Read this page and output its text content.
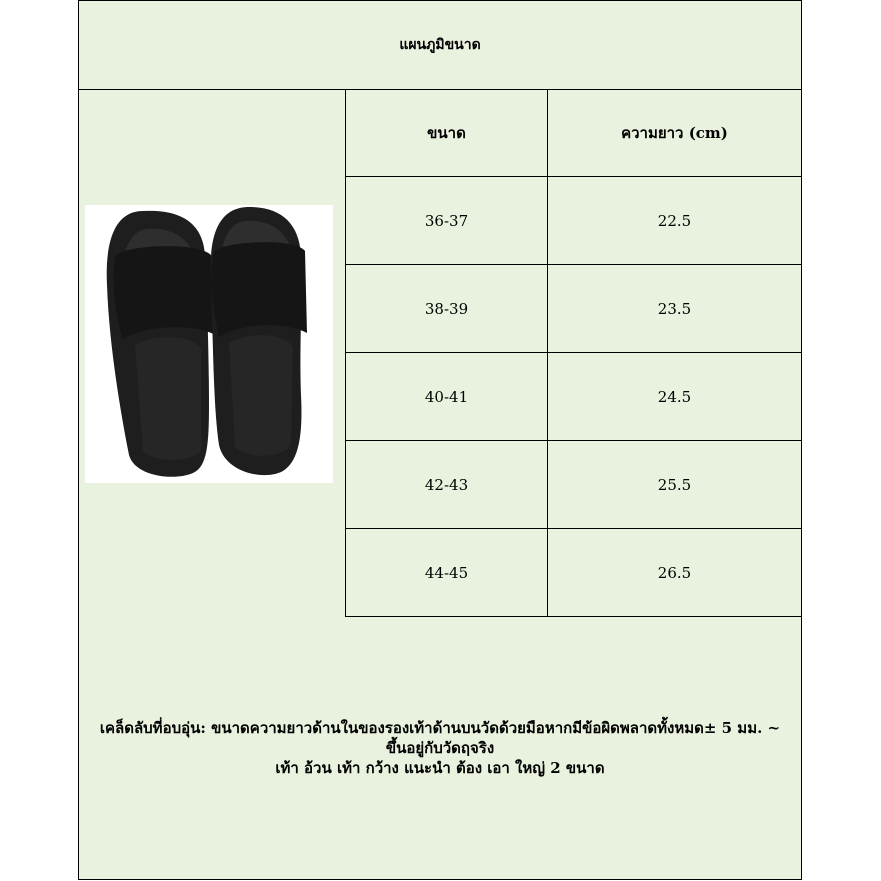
แผนภูมิขนาด
ขนาด	ความยาว (cm)
36-37	22.5
38-39	23.5
40-41	24.5
42-43	25.5
44-45	26.5
เคล็ดลับที่อบอุ่น: ขนาดความยาวด้านในของรองเท้าด้านบนวัดด้วยมือหากมีข้อผิดพลาดทั้งหมด± 5 มม. ~
ขึ้นอยู่กับวัดฤจริง
เท้า อ้วน เท้า กว้าง แนะนำ ต้อง เอา ใหญ่ 2 ขนาด
